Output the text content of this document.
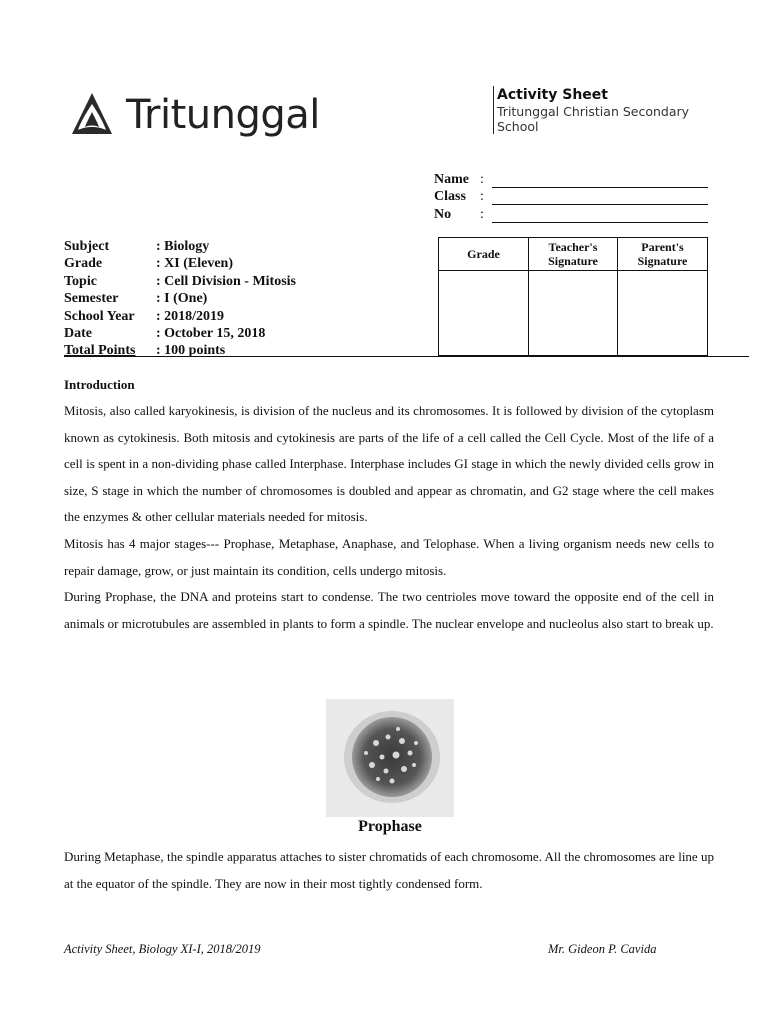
Tritunggal	Activity Sheet
Tritunggal Christian Secondary School
Name :
Class	:
No	:
Subject	: Biology
Grade	: XI (Eleven)
Topic	: Cell Division - Mitosis
Semester	: I (One)
School Year	: 2018/2019
Date	: October 15, 2018
Total Points	: 100 points
Grade	Teacher's Signature	Parent's Signature

Introduction

Mitosis, also called karyokinesis, is division of the nucleus and its chromosomes. It is followed by division of the cytoplasm known as cytokinesis. Both mitosis and cytokinesis are parts of the life of a cell called the Cell Cycle. Most of the life of a cell is spent in a non-dividing phase called Interphase. Interphase includes GI stage in which the newly divided cells grow in size, S stage in which the number of chromosomes is doubled and appear as chromatin, and G2 stage where the cell makes the enzymes & other cellular materials needed for mitosis.

Mitosis has 4 major stages--- Prophase, Metaphase, Anaphase, and Telophase. When a living organism needs new cells to repair damage, grow, or just maintain its condition, cells undergo mitosis.

During Prophase, the DNA and proteins start to condense. The two centrioles move toward the opposite end of the cell in animals or microtubules are assembled in plants to form a spindle. The nuclear envelope and nucleolus also start to break up.

Prophase

During Metaphase, the spindle apparatus attaches to sister chromatids of each chromosome. All the chromosomes are line up at the equator of the spindle. They are now in their most tightly condensed form.

Activity Sheet, Biology XI-I, 2018/2019	Mr. Gideon P. Cavida
